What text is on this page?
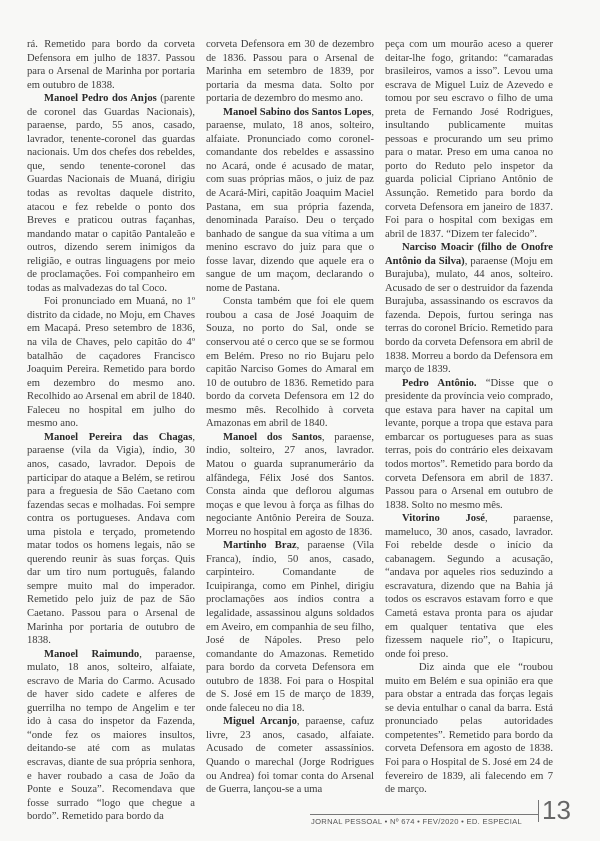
rá. Remetido para bordo da corveta Defensora em julho de 1837. Passou para o Arsenal de Marinha por portaria em outubro de 1838.

Manoel Pedro dos Anjos (parente de coronel das Guardas Nacionais), paraense, pardo, 55 anos, casado, lavrador, tenente-coronel das guardas nacionais. Um dos chefes dos rebeldes, que, sendo tenente-coronel das Guardas Nacionais de Muaná, dirigiu todas as revoltas daquele distrito, atacou e fez rebelde o ponto dos Breves e praticou outras façanhas, mandando matar o capitão Pantaleão e outros, dizendo serem inimigos da religião, e outras linguagens por meio de proclamações. Foi companheiro em todas as malvadezas do tal Coco.

Foi pronunciado em Muaná, no 1º distrito da cidade, no Moju, em Chaves em Macapá. Preso setembro de 1836, na vila de Chaves, pelo capitão do 4º batalhão de caçadores Francisco Joaquim Pereira. Remetido para bordo em dezembro do mesmo ano. Recolhido ao Arsenal em abril de 1840. Faleceu no hospital em julho do mesmo ano.

Manoel Pereira das Chagas, paraense (vila da Vigia), índio, 30 anos, casado, lavrador. Depois de participar do ataque a Belém, se retirou para a freguesia de São Caetano com fazendas secas e molhadas. Foi sempre contra os portugueses. Andava com uma pistola e terçado, prometendo matar todos os homens legais, não se querendo reunir às suas forças. Quis dar um tiro num português, falando sempre muito mal do imperador. Remetido pelo juiz de paz de São Caetano. Passou para o Arsenal de Marinha por portaria de outubro de 1838.

Manoel Raimundo, paraense, mulato, 18 anos, solteiro, alfaiate, escravo de Maria do Carmo. Acusado de haver sido cadete e alferes de guerrilha no tempo de Angelim e ter ido à casa do inspetor da Fazenda, “onde fez os maiores insultos, deitando-se até com as mulatas escravas, diante de sua própria senhora, e haver roubado a casa de João da Ponte e Souza”. Recomendava que fosse surrado “logo que chegue a bordo”. Remetido para bordo da

corveta Defensora em 30 de dezembro de 1836. Passou para o Arsenal de Marinha em setembro de 1839, por portaria da mesma data. Solto por portaria de dezembro do mesmo ano.

Manoel Sabino dos Santos Lopes, paraense, mulato, 18 anos, solteiro, alfaiate. Pronunciado como coronel-comandante dos rebeldes e assassino no Acará, onde é acusado de matar, com suas próprias mãos, o juiz de paz de Acará-Miri, capitão Joaquim Maciel Pastana, em sua própria fazenda, denominada Paraíso. Deu o terçado banhado de sangue da sua vítima a um menino escravo do juiz para que o fosse lavar, dizendo que aquele era o sangue de um maçom, declarando o nome de Pastana.

Consta também que foi ele quem roubou a casa de José Joaquim de Souza, no porto do Sal, onde se conservou até o cerco que se se formou em Belém. Preso no rio Bujaru pelo capitão Narciso Gomes do Amaral em 10 de outubro de 1836. Remetido para bordo da corveta Defensora em 12 do mesmo mês. Recolhido à corveta Amazonas em abril de 1840.

Manoel dos Santos, paraense, índio, solteiro, 27 anos, lavrador. Matou o guarda supranumerário da alfândega, Félix José dos Santos. Consta ainda que deflorou algumas moças e que levou à força as filhas do negociante Antônio Pereira de Souza. Morreu no hospital em agosto de 1836.

Martinho Braz, paraense (Vila Franca), índio, 50 anos, casado, carpinteiro. Comandante de Icuipiranga, como em Pinhel, dirigiu proclamações aos índios contra a legalidade, assassinou alguns soldados em Aveiro, em companhia de seu filho, José de Nápoles. Preso pelo comandante do Amazonas. Remetido para bordo da corveta Defensora em outubro de 1838. Foi para o Hospital de S. José em 15 de março de 1839, onde faleceu no dia 18.

Miguel Arcanjo, paraense, cafuz livre, 23 anos, casado, alfaiate. Acusado de cometer assassínios. Quando o marechal (Jorge Rodrigues ou Andrea) foi tomar conta do Arsenal de Guerra, lançou-se a uma

peça com um mourão aceso a querer deitar-lhe fogo, gritando: “camaradas brasileiros, vamos a isso”. Levou uma escrava de Miguel Luiz de Azevedo e tomou por seu escravo o filho de uma preta de Fernando José Rodrigues, insultando publicamente muitas pessoas e procurando um seu primo para o matar. Preso em uma canoa no porto do Reduto pelo inspetor da guarda policial Cipriano Antônio de Assunção. Remetido para bordo da corveta Defensora em janeiro de 1837. Foi para o hospital com bexigas em abril de 1837. “Dizem ter falecido”.

Narciso Moacir (filho de Onofre Antônio da Silva), paraense (Moju em Burajuba), mulato, 44 anos, solteiro. Acusado de ser o destruidor da fazenda Burajuba, assassinando os escravos da fazenda. Depois, furtou seringa nas terras do coronel Brício. Remetido para bordo da corveta Defensora em abril de 1838. Morreu a bordo da Defensora em março de 1839.

Pedro Antônio. “Disse que o presidente da província veio comprado, que estava para haver na capital um levante, porque a tropa que estava para embarcar os portugueses para as suas terras, pois do contrário eles deixavam todos mortos”. Remetido para bordo da corveta Defensora em abril de 1837. Passou para o Arsenal em outubro de 1838. Solto no mesmo mês.

Vitorino José, paraense, mameluco, 30 anos, casado, lavrador. Foi rebelde desde o início da cabanagem. Segundo a acusação, “andava por aqueles rios seduzindo a escravatura, dizendo que na Bahia já todos os escravos estavam forro e que Cametá estava pronta para os ajudar em qualquer tentativa que eles fizessem naquele rio”, o Itapicuru, onde foi preso.

Diz ainda que ele “roubou muito em Belém e sua opinião era que para obstar a entrada das forças legais se devia entulhar o canal da barra. Está pronunciado pelas autoridades competentes”. Remetido para bordo da corveta Defensora em agosto de 1838. Foi para o Hospital de S. José em 24 de fevereiro de 1839, ali falecendo em 7 de março.

JORNAL PESSOAL • Nº 674 • FEV/2020 • ED. ESPECIAL 13
